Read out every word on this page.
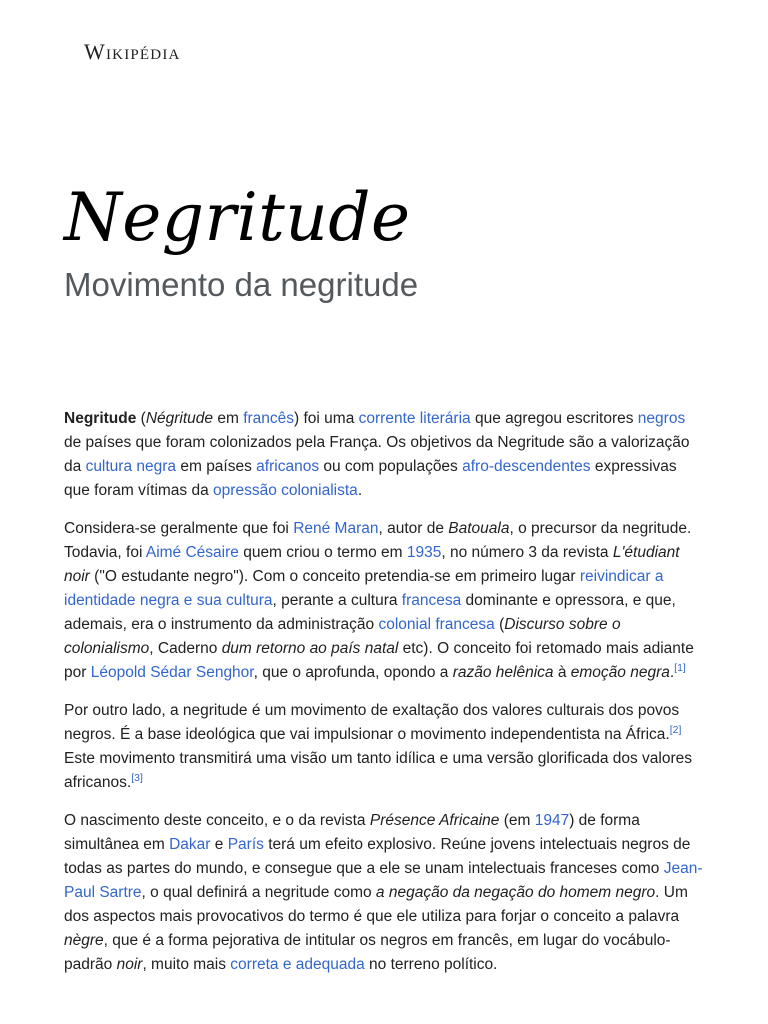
Wikipédia
Negritude
Movimento da negritude

Negritude (Négritude em francês) foi uma corrente literária que agregou escritores negros de países que foram colonizados pela França. Os objetivos da Negritude são a valorização da cultura negra em países africanos ou com populações afro-descendentes expressivas que foram vítimas da opressão colonialista.

Considera-se geralmente que foi René Maran, autor de Batouala, o precursor da negritude. Todavia, foi Aimé Césaire quem criou o termo em 1935, no número 3 da revista L'étudiant noir ("O estudante negro"). Com o conceito pretendia-se em primeiro lugar reivindicar a identidade negra e sua cultura, perante a cultura francesa dominante e opressora, e que, ademais, era o instrumento da administração colonial francesa (Discurso sobre o colonialismo, Caderno dum retorno ao país natal etc). O conceito foi retomado mais adiante por Léopold Sédar Senghor, que o aprofunda, opondo a razão helênica à emoção negra.[1]

Por outro lado, a negritude é um movimento de exaltação dos valores culturais dos povos negros. É a base ideológica que vai impulsionar o movimento independentista na África.[2] Este movimento transmitirá uma visão um tanto idílica e uma versão glorificada dos valores africanos.[3]

O nascimento deste conceito, e o da revista Présence Africaine (em 1947) de forma simultânea em Dakar e París terá um efeito explosivo. Reúne jovens intelectuais negros de todas as partes do mundo, e consegue que a ele se unam intelectuais franceses como Jean-Paul Sartre, o qual definirá a negritude como a negação da negação do homem negro. Um dos aspectos mais provocativos do termo é que ele utiliza para forjar o conceito a palavra nègre, que é a forma pejorativa de intitular os negros em francês, em lugar do vocábulo-padrão noir, muito mais correta e adequada no terreno político.
